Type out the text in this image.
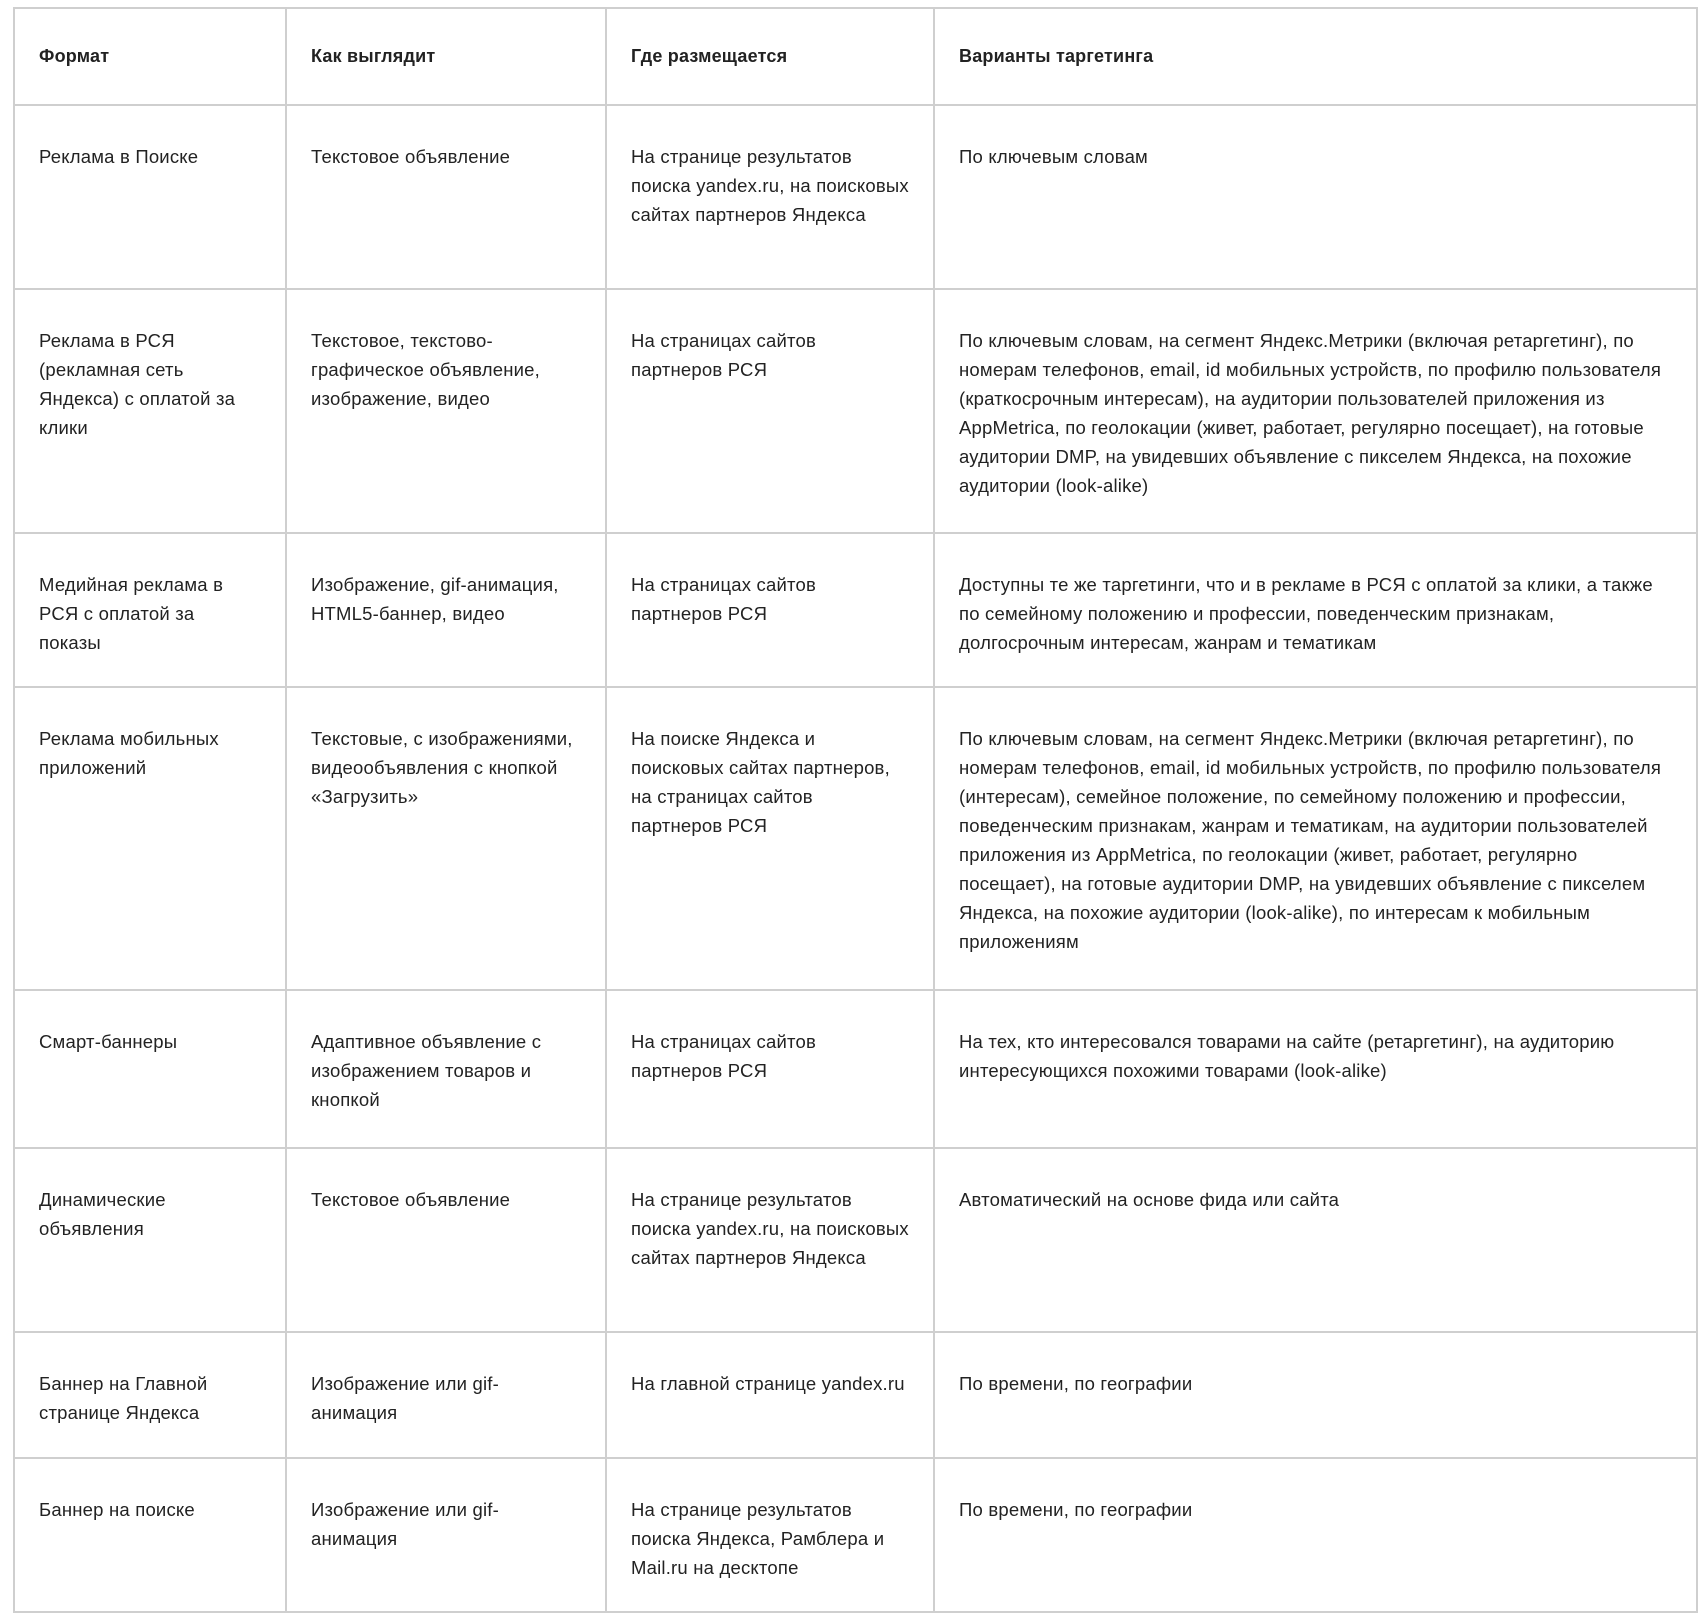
Формат	Как выглядит	Где размещается	Варианты таргетинга
Реклама в Поиске	Текстовое объявление	На странице результатов поиска yandex.ru, на поисковых сайтах партнеров Яндекса	По ключевым словам
Реклама в РСЯ (рекламная сеть Яндекса) с оплатой за клики	Текстовое, текстово-графическое объявление, изображение, видео	На страницах сайтов партнеров РСЯ	По ключевым словам, на сегмент Яндекс.Метрики (включая ретаргетинг), по номерам телефонов, email, id мобильных устройств, по профилю пользователя (краткосрочным интересам), на аудитории пользователей приложения из AppMetrica, по геолокации (живет, работает, регулярно посещает), на готовые аудитории DMP, на увидевших объявление с пикселем Яндекса, на похожие аудитории (look-alike)
Медийная реклама в РСЯ с оплатой за показы	Изображение, gif-анимация, HTML5-баннер, видео	На страницах сайтов партнеров РСЯ	Доступны те же таргетинги, что и в рекламе в РСЯ с оплатой за клики, а также по семейному положению и профессии, поведенческим признакам, долгосрочным интересам, жанрам и тематикам
Реклама мобильных приложений	Текстовые, с изображениями, видеообъявления с кнопкой «Загрузить»	На поиске Яндекса и поисковых сайтах партнеров, на страницах сайтов партнеров РСЯ	По ключевым словам, на сегмент Яндекс.Метрики (включая ретаргетинг), по номерам телефонов, email, id мобильных устройств, по профилю пользователя (интересам), семейное положение, по семейному положению и профессии, поведенческим признакам, жанрам и тематикам, на аудитории пользователей приложения из AppMetrica, по геолокации (живет, работает, регулярно посещает), на готовые аудитории DMP, на увидевших объявление с пикселем Яндекса, на похожие аудитории (look-alike), по интересам к мобильным приложениям
Смарт-баннеры	Адаптивное объявление с изображением товаров и кнопкой	На страницах сайтов партнеров РСЯ	На тех, кто интересовался товарами на сайте (ретаргетинг), на аудиторию интересующихся похожими товарами (look-alike)
Динамические объявления	Текстовое объявление	На странице результатов поиска yandex.ru, на поисковых сайтах партнеров Яндекса	Автоматический на основе фида или сайта
Баннер на Главной странице Яндекса	Изображение или gif-анимация	На главной странице yandex.ru	По времени, по географии
Баннер на поиске	Изображение или gif-анимация	На странице результатов поиска Яндекса, Рамблера и Mail.ru на десктопе	По времени, по географии
